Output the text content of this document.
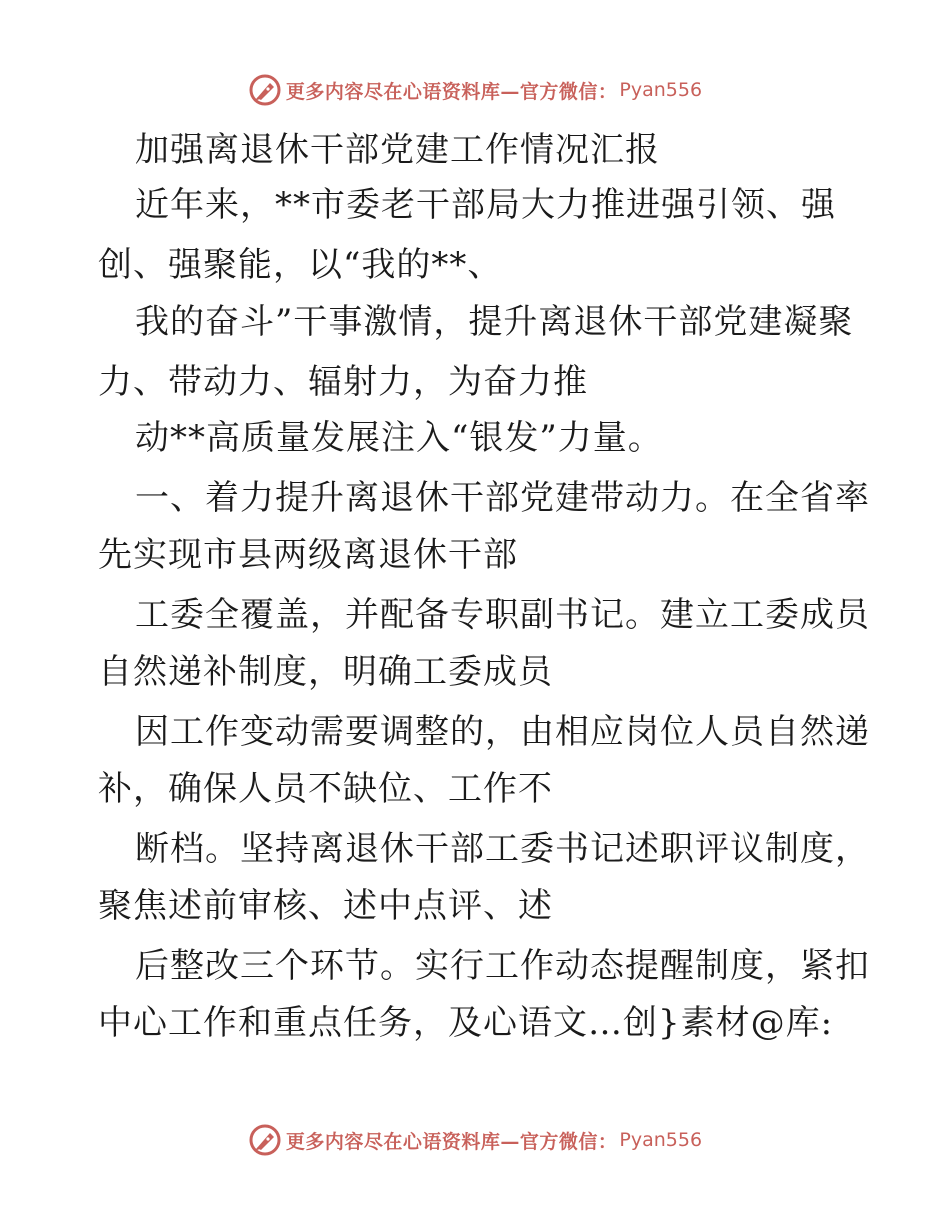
更多内容尽在心语资料库—官方微信： Pyan556
加强离退休干部党建工作情况汇报
近年来，**市委老干部局大力推进强引领、强
创、强聚能，以“我的**、
我的奋斗”干事激情，提升离退休干部党建凝聚
力、带动力、辐射力，为奋力推
动**高质量发展注入“银发”力量。
一、着力提升离退休干部党建带动力。在全省率
先实现市县两级离退休干部
工委全覆盖，并配备专职副书记。建立工委成员
自然递补制度，明确工委成员
因工作变动需要调整的，由相应岗位人员自然递
补，确保人员不缺位、工作不
断档。坚持离退休干部工委书记述职评议制度，
聚焦述前审核、述中点评、述
后整改三个环节。实行工作动态提醒制度，紧扣
中心工作和重点任务，及心语文…创}素材@库:
更多内容尽在心语资料库—官方微信： Pyan556
